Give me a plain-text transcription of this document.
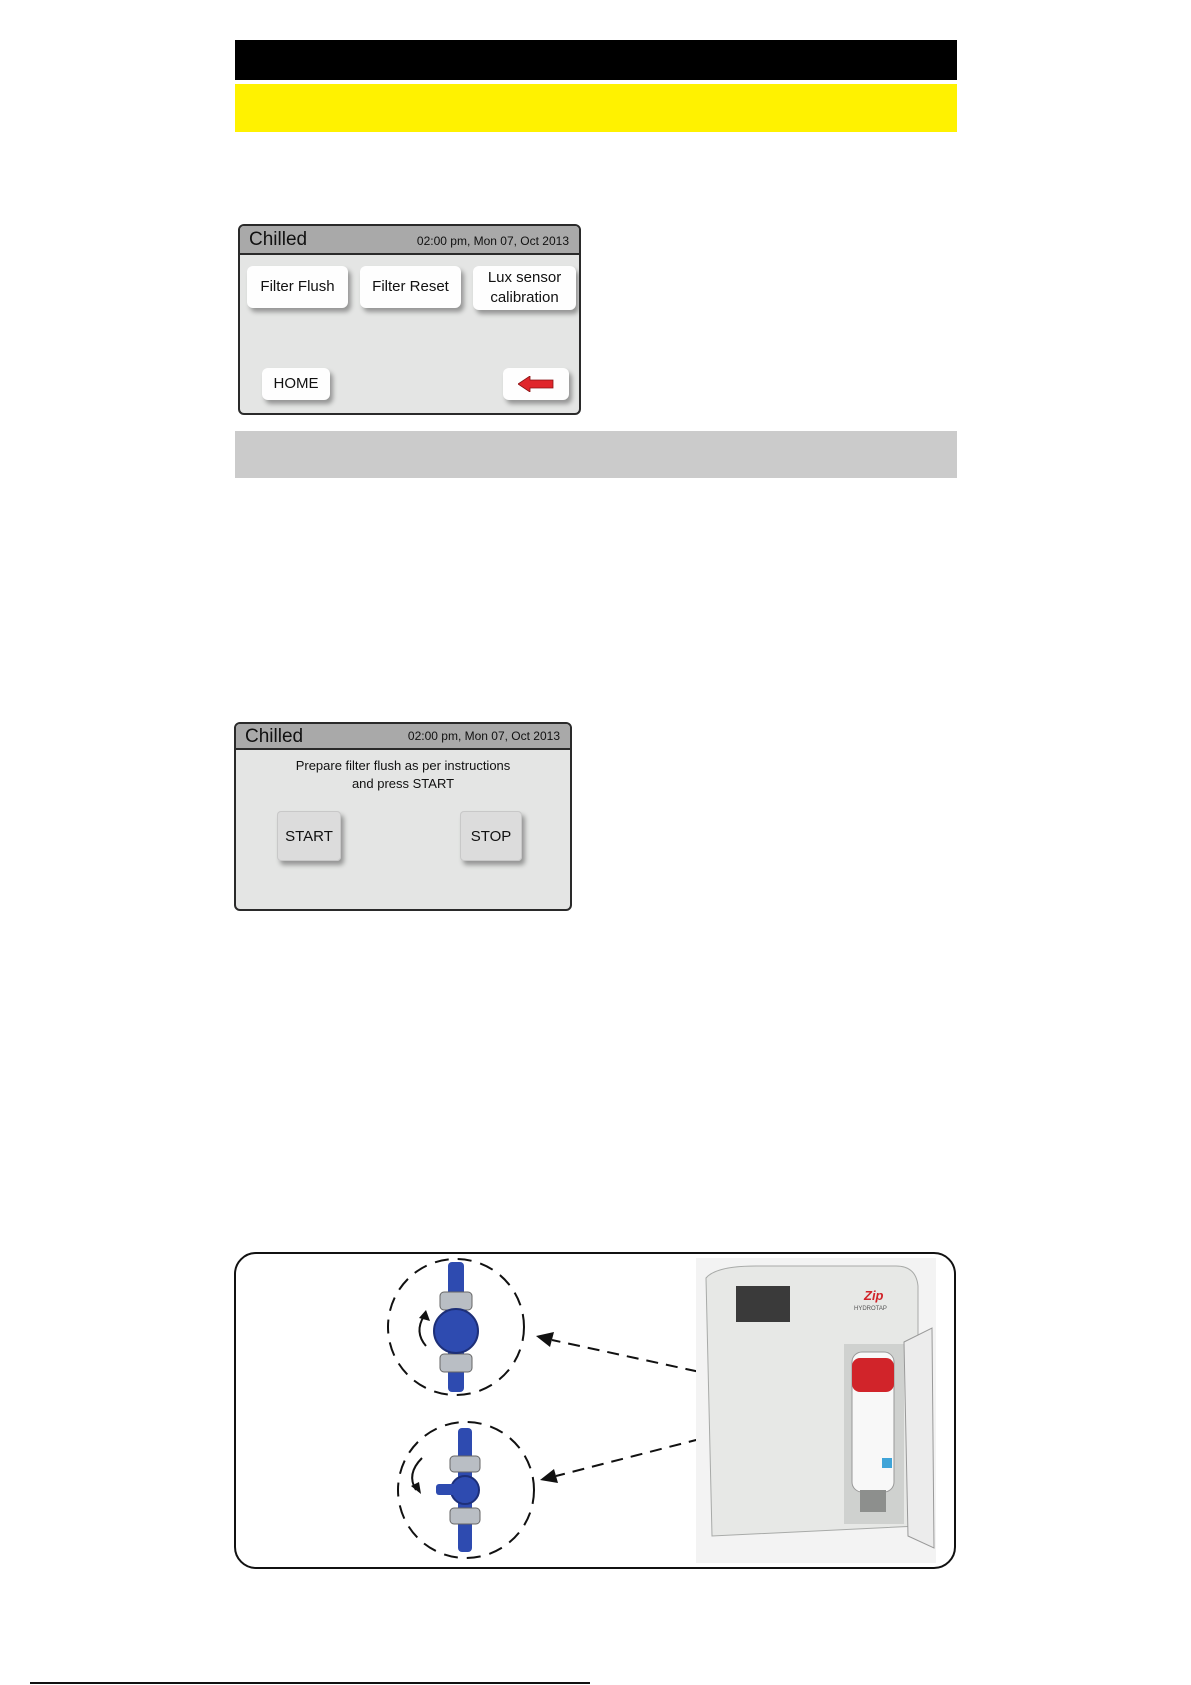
Chilled	02:00 pm, Mon 07, Oct 2013
Filter Flush	Filter Reset
Lux sensor
calibration
HOME
Chilled	02:00 pm, Mon 07, Oct 2013
Prepare filter flush as per instructions
and press START
START	STOP
Zip
HYDROTAP
